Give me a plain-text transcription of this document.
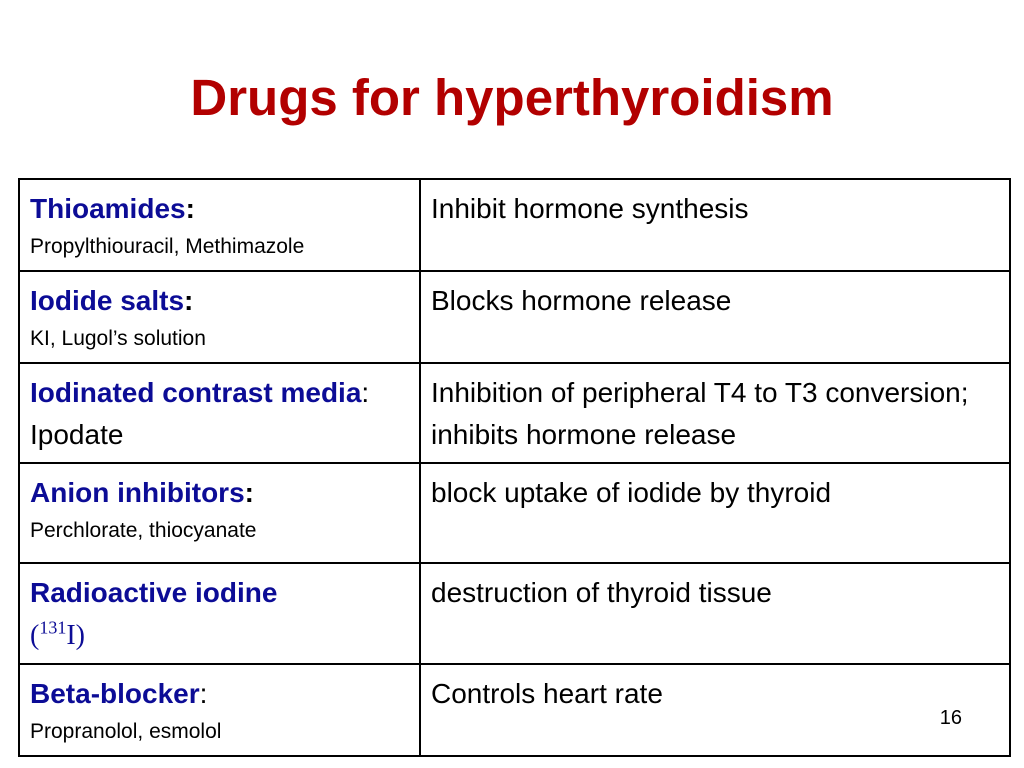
Drugs for hyperthyroidism
Thioamides:
Propylthiouracil, Methimazole	Inhibit hormone synthesis
Iodide salts:
KI, Lugol’s solution	Blocks hormone release
Iodinated contrast media: Ipodate	Inhibition of peripheral T4 to T3 conversion; inhibits hormone release
Anion inhibitors:
Perchlorate, thiocyanate	block uptake of iodide by thyroid
Radioactive iodine
($^{131}$I)	destruction of thyroid tissue
Beta-blocker:
Propranolol, esmolol	Controls heart rate
16
